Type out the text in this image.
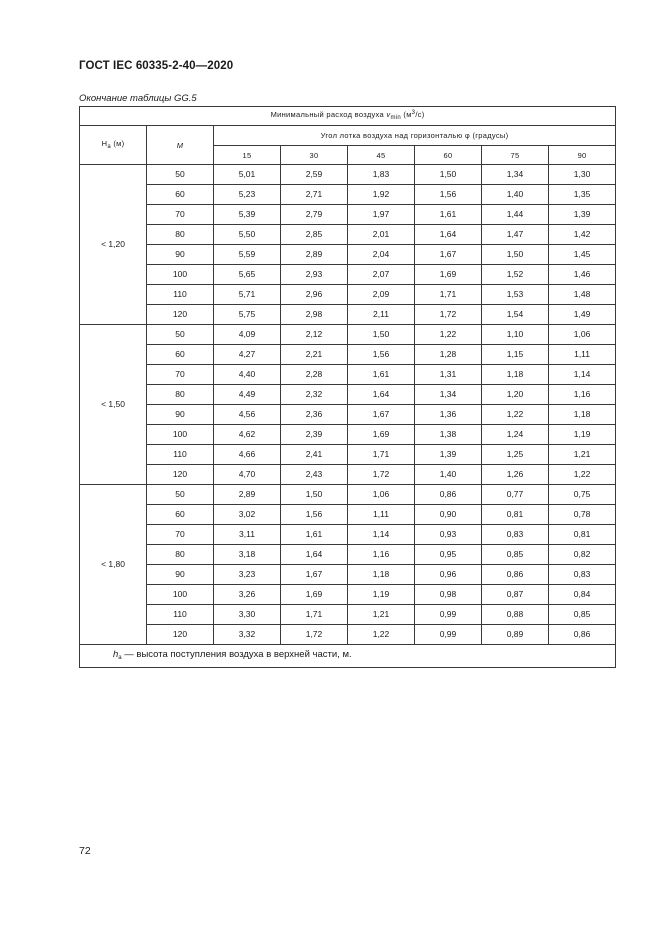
ГОСТ IEC 60335-2-40—2020
Окончание таблицы GG.5
Минимальный расход воздуха $v_{min}$ $(м^3/с)$							
$H_a$ (м)	M	Угол лотка воздуха над горизонталью φ (градусы)					
		15	30	45	60	75	90
< 1,20	50	5,01	2,59	1,83	1,50	1,34	1,30
	60	5,23	2,71	1,92	1,56	1,40	1,35
	70	5,39	2,79	1,97	1,61	1,44	1,39
	80	5,50	2,85	2,01	1,64	1,47	1,42
	90	5,59	2,89	2,04	1,67	1,50	1,45
	100	5,65	2,93	2,07	1,69	1,52	1,46
	110	5,71	2,96	2,09	1,71	1,53	1,48
	120	5,75	2,98	2,11	1,72	1,54	1,49
< 1,50	50	4,09	2,12	1,50	1,22	1,10	1,06
	60	4,27	2,21	1,56	1,28	1,15	1,11
	70	4,40	2,28	1,61	1,31	1,18	1,14
	80	4,49	2,32	1,64	1,34	1,20	1,16
	90	4,56	2,36	1,67	1,36	1,22	1,18
	100	4,62	2,39	1,69	1,38	1,24	1,19
	110	4,66	2,41	1,71	1,39	1,25	1,21
	120	4,70	2,43	1,72	1,40	1,26	1,22
< 1,80	50	2,89	1,50	1,06	0,86	0,77	0,75
	60	3,02	1,56	1,11	0,90	0,81	0,78
	70	3,11	1,61	1,14	0,93	0,83	0,81
	80	3,18	1,64	1,16	0,95	0,85	0,82
	90	3,23	1,67	1,18	0,96	0,86	0,83
	100	3,26	1,69	1,19	0,98	0,87	0,84
	110	3,30	1,71	1,21	0,99	0,88	0,85
	120	3,32	1,72	1,22	0,99	0,89	0,86
$h_a$ — высота поступления воздуха в верхней части, м.							
72
